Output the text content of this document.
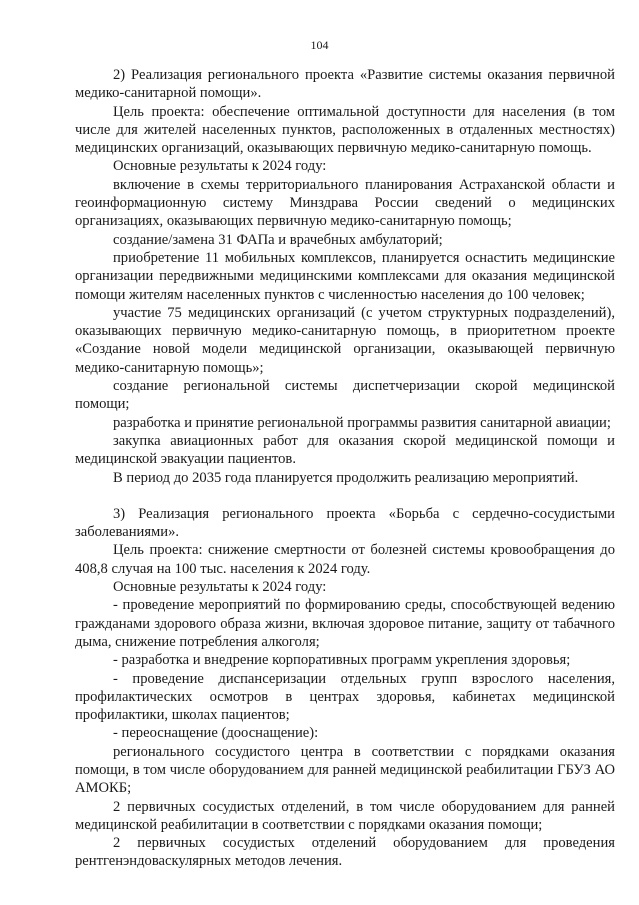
104

2) Реализация регионального проекта «Развитие системы оказания первичной медико-санитарной помощи».

Цель проекта: обеспечение оптимальной доступности для населения (в том числе для жителей населенных пунктов, расположенных в отдаленных местностях) медицинских организаций, оказывающих первичную медико-санитарную помощь.

Основные результаты к 2024 году:

включение в схемы территориального планирования Астраханской области и геоинформационную систему Минздрава России сведений о медицинских организациях, оказывающих первичную медико-санитарную помощь;

создание/замена 31 ФАПа и врачебных амбулаторий;

приобретение 11 мобильных комплексов, планируется оснастить медицинские организации передвижными медицинскими комплексами для оказания медицинской помощи жителям населенных пунктов с численностью населения до 100 человек;

участие 75 медицинских организаций (с учетом структурных подразделений), оказывающих первичную медико-санитарную помощь, в приоритетном проекте «Создание новой модели медицинской организации, оказывающей первичную медико-санитарную помощь»;

создание региональной системы диспетчеризации скорой медицинской помощи;

разработка и принятие региональной программы развития санитарной авиации;

закупка авиационных работ для оказания скорой медицинской помощи и медицинской эвакуации пациентов.

В период до 2035 года планируется продолжить реализацию мероприятий.

3) Реализация регионального проекта «Борьба с сердечно-сосудистыми заболеваниями».

Цель проекта: снижение смертности от болезней системы кровообращения до 408,8 случая на 100 тыс. населения к 2024 году.

Основные результаты к 2024 году:

- проведение мероприятий по формированию среды, способствующей ведению гражданами здорового образа жизни, включая здоровое питание, защиту от табачного дыма, снижение потребления алкоголя;

- разработка и внедрение корпоративных программ укрепления здоровья;

- проведение диспансеризации отдельных групп взрослого населения, профилактических осмотров в центрах здоровья, кабинетах медицинской профилактики, школах пациентов;

- переоснащение (дооснащение):

регионального сосудистого центра в соответствии с порядками оказания помощи, в том числе оборудованием для ранней медицинской реабилитации ГБУЗ АО АМОКБ;

2 первичных сосудистых отделений, в том числе оборудованием для ранней медицинской реабилитации в соответствии с порядками оказания помощи;

2 первичных сосудистых отделений оборудованием для проведения рентгенэндоваскулярных методов лечения.
